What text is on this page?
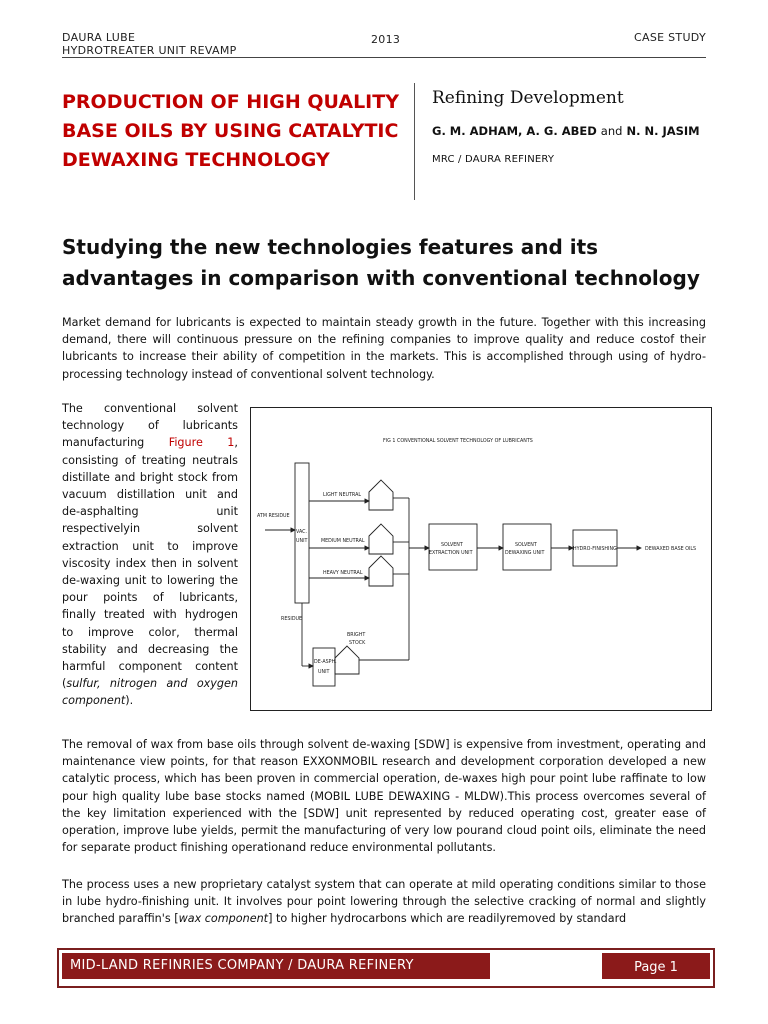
DAURA LUBE
HYDROTREATER UNIT REVAMP
2013	CASE STUDY
PRODUCTION OF HIGH QUALITY BASE OILS BY USING CATALYTIC DEWAXING TECHNOLOGY
Refining Development
G. M. ADHAM, A. G. ABED and N. N. JASIM
MRC / DAURA REFINERY
Studying the new technologies features and its advantages in comparison with conventional technology
Market demand for lubricants is expected to maintain steady growth in the future. Together with this increasing demand, there will continuous pressure on the refining companies to improve quality and reduce costof their lubricants to increase their ability of competition in the markets. This is accomplished through using of hydro-processing technology instead of conventional solvent technology.
The conventional solvent technology of lubricants manufacturing Figure 1, consisting of treating neutrals distillate and bright stock from vacuum distillation unit and de-asphalting unit respectivelyin solvent extraction unit to improve viscosity index then in solvent de-waxing unit to lowering the pour points of lubricants, finally treated with hydrogen to improve color, thermal stability and decreasing the harmful component content (sulfur, nitrogen and oxygen component).
FIG 1 CONVENTIONAL SOLVENT TECHNOLOGY OF LUBRICANTS
ATM RESIDUE
VAC.
UNIT
LIGHT NEUTRAL
MEDIUM NEUTRAL
HEAVY NEUTRAL
RESIDUE
BRIGHT
STOCK
DE-ASPH.
UNIT
SOLVENT
EXTRACTION UNIT
SOLVENT
DEWAXING UNIT
HYDRO-FINISHING	DEWAXED BASE OILS
The removal of wax from base oils through solvent de-waxing [SDW] is expensive from investment, operating and maintenance view points, for that reason EXXONMOBIL research and development corporation developed a new catalytic process, which has been proven in commercial operation, de-waxes high pour point lube raffinate to low pour high quality lube base stocks named (MOBIL LUBE DEWAXING - MLDW).This process overcomes several of the key limitation experienced with the [SDW] unit represented by reduced operating cost, greater ease of operation, improve lube yields, permit the manufacturing of very low pourand cloud point oils, eliminate the need for separate product finishing operationand reduce environmental pollutants.
The process uses a new proprietary catalyst system that can operate at mild operating conditions similar to those in lube hydro-finishing unit. It involves pour point lowering through the selective cracking of normal and slightly branched paraffin's [wax component] to higher hydrocarbons which are readilyremoved by standard
MID-LAND REFINRIES COMPANY / DAURA REFINERY	Page 1
